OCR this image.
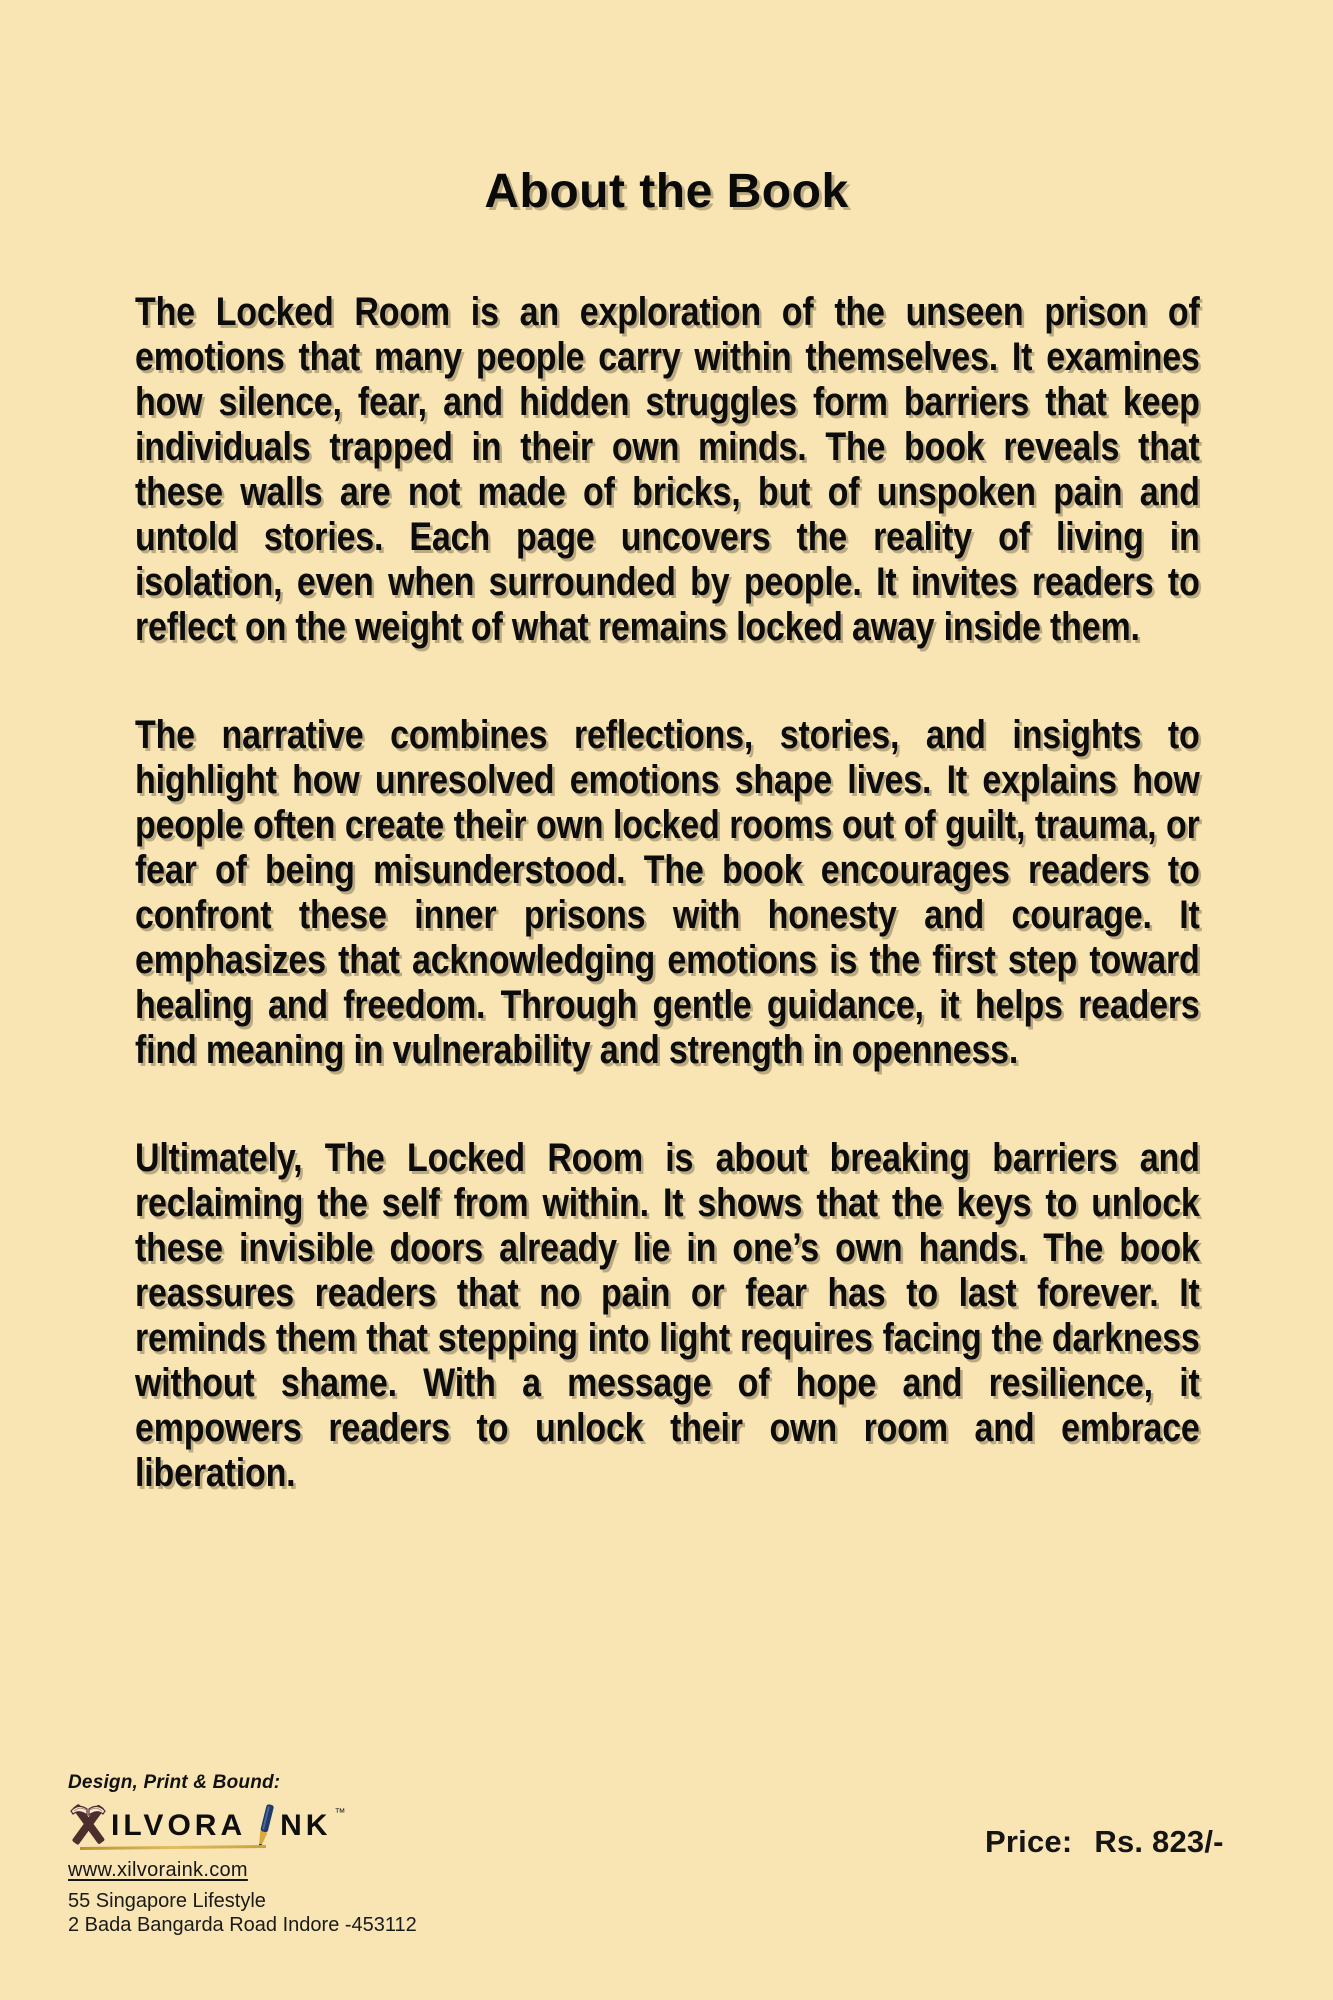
About the Book

The Locked Room is an exploration of the unseen prison of emotions that many people carry within themselves. It examines how silence, fear, and hidden struggles form barriers that keep individuals trapped in their own minds. The book reveals that these walls are not made of bricks, but of unspoken pain and untold stories. Each page uncovers the reality of living in isolation, even when surrounded by people. It invites readers to reflect on the weight of what remains locked away inside them.

The narrative combines reflections, stories, and insights to highlight how unresolved emotions shape lives. It explains how people often create their own locked rooms out of guilt, trauma, or fear of being misunderstood. The book encourages readers to confront these inner prisons with honesty and courage. It emphasizes that acknowledging emotions is the first step toward healing and freedom. Through gentle guidance, it helps readers find meaning in vulnerability and strength in openness.

Ultimately, The Locked Room is about breaking barriers and reclaiming the self from within. It shows that the keys to unlock these invisible doors already lie in one’s own hands. The book reassures readers that no pain or fear has to last forever. It reminds them that stepping into light requires facing the darkness without shame. With a message of hope and resilience, it empowers readers to unlock their own room and embrace liberation.

Design, Print & Bound:
ILVORA NK ™
www.xilvoraink.com
55 Singapore Lifestyle
2 Bada Bangarda Road Indore -453112
Price: Rs. 823/-
